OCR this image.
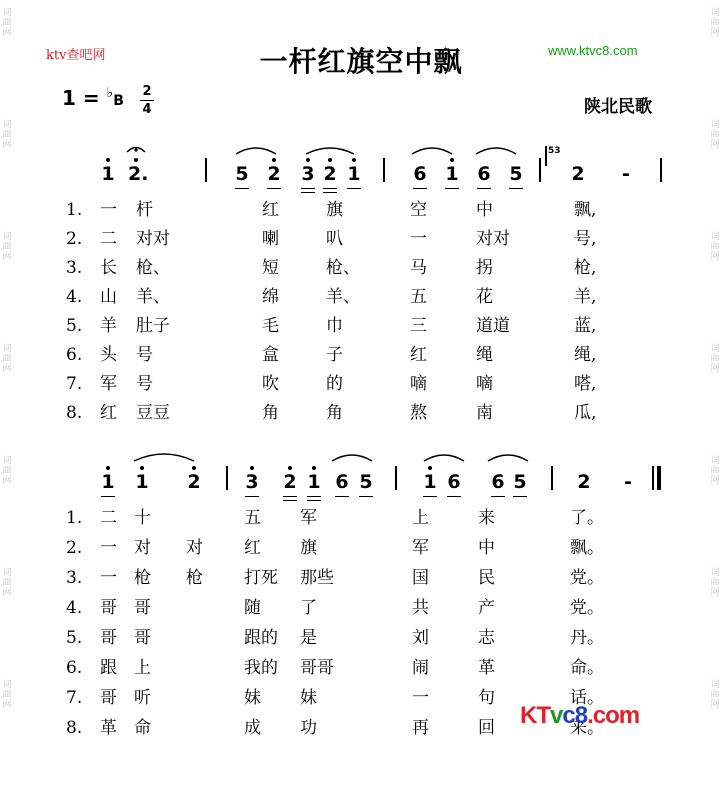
词
曲
网
词
曲
网
词
曲
网
词
曲
网
词
曲
网
词
曲
网
词
曲
网
词
曲
网
词
曲
网
词
曲
网
词
曲
网
词
曲
网
词
曲
网
词
曲
网
ktv查吧网	www.ktvc8.com
一杆红旗空中飘
1 = ♭B
2
4	陕北民歌
1 2.	5 2 3 2 1	6 1 6 5	2 -
1 1 2 3 2 1 6 5	1 6 6 5	2 -
53
1. 一 杆	红	旗	空	中	飘,
2. 二 对对	喇	叭	一	对对	号,
3. 长 枪、	短	枪、	马	拐	枪,
4. 山 羊、	绵	羊、	五	花	羊,
5. 羊 肚子	毛	巾	三	道道	蓝,
6. 头 号	盒	子	红	绳	绳,
7. 军 号	吹	的	嘀	嘀	嗒,
8. 红 豆豆	角	角	熬	南	瓜,
1. 二 十	五 军	上	来	了。
2. 一 对 对 红 旗	军	中	飘。
3. 一 枪 枪 打死 那些	国	民	党。
4. 哥 哥	随 了	共	产	党。
5. 哥 哥	跟的 是	刘	志	丹。
6. 跟 上	我的 哥哥	闹	革	命。
7. 哥 听	妹 妹	一	句	话。
8. 革 命	成 功	再	回	来。
KTvc8.com
